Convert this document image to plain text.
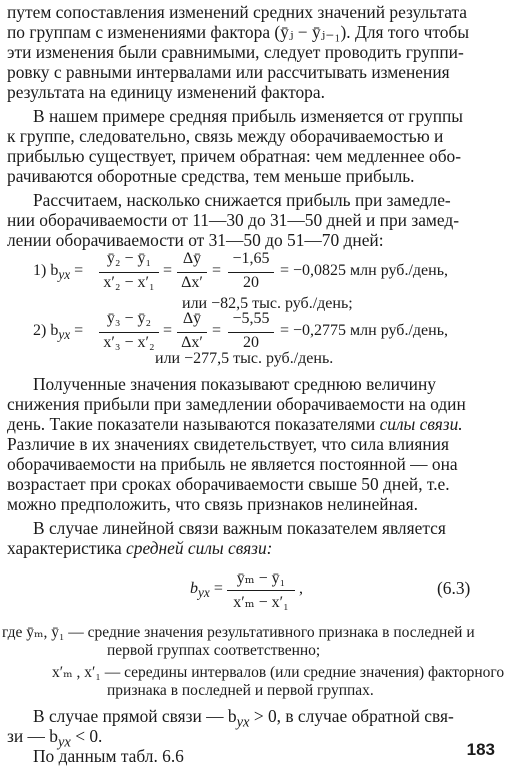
путем сопоставления изменений средних значений результата
по группам с изменениями фактора (ȳⱼ − ȳⱼ₋₁). Для того чтобы
эти изменения были сравнимыми, следует проводить группи-
ровку с равными интервалами или рассчитывать изменения
результата на единицу изменений фактора.
В нашем примере средняя прибыль изменяется от группы
к группе, следовательно, связь между оборачиваемостью и
прибылью существует, причем обратная: чем медленнее обо-
рачиваются оборотные средства, тем меньше прибыль.
Рассчитаем, насколько снижается прибыль при замедле-
нии оборачиваемости от 11—30 до 31—50 дней и при замед-
лении оборачиваемости от 31—50 до 51—70 дней:
1) $b_{yx}$ =
ȳ₂ − ȳ₁
x′₂ − x′₁
=
Δȳ
Δx′
=
−1,65
20
= −0,0825 млн руб./день,
или −82,5 тыс. руб./день;
2) $b_{yx}$ =
ȳ₃ − ȳ₂
x′₃ − x′₂
=
Δȳ
Δx′
=
−5,55
20
= −0,2775 млн руб./день,
или −277,5 тыс. руб./день.
Полученные значения показывают среднюю величину
снижения прибыли при замедлении оборачиваемости на один
день. Такие показатели называются показателями силы связи.
Различие в их значениях свидетельствует, что сила влияния
оборачиваемости на прибыль не является постоянной — она
возрастает при сроках оборачиваемости свыше 50 дней, т.е.
можно предположить, что связь признаков нелинейная.
В случае линейной связи важным показателем является
характеристика средней силы связи:
$b_{yx}$ =
ȳₘ − ȳ₁
x′ₘ − x′₁
,	(6.3)
где ȳₘ, ȳ₁ — средние значения результативного признака в последней и
первой группах соответственно;
x′ₘ , x′₁ — середины интервалов (или средние значения) факторного
признака в последней и первой группах.
В случае прямой связи — $b_{yx} > 0$, в случае обратной свя-
зи — $b_{yx} < 0$.
По данным табл. 6.6	183
